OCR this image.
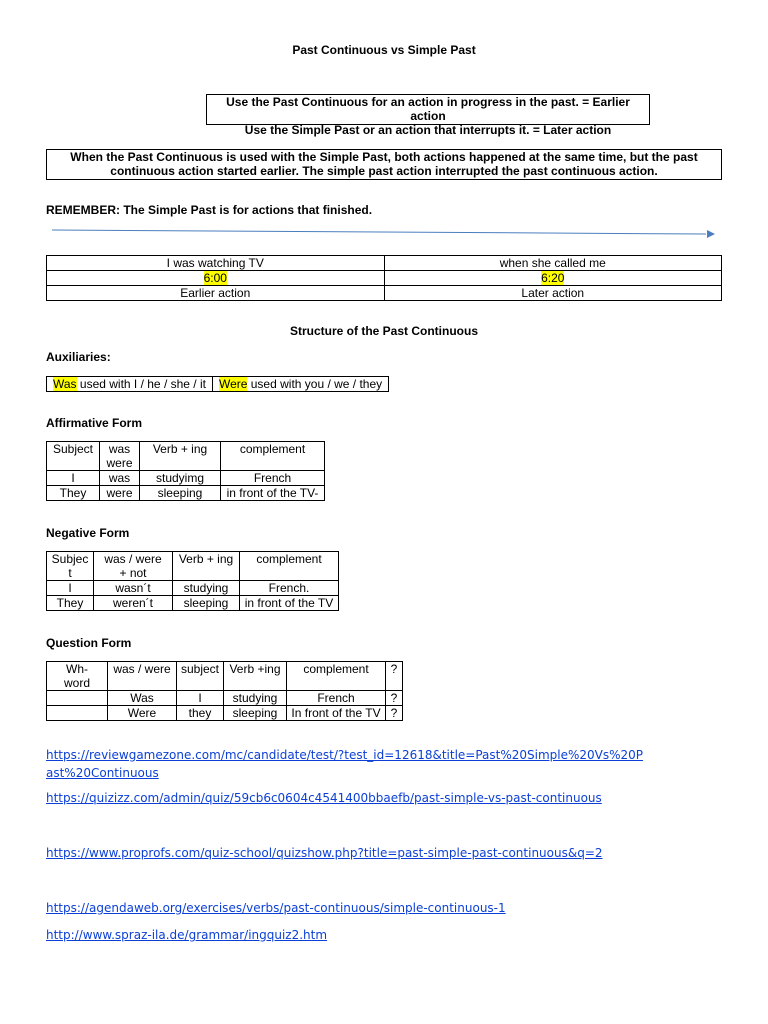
Past Continuous vs Simple Past
Use the Past Continuous for an action in progress in the past. = Earlier action
Use the Simple Past or an action that interrupts it. = Later action
When the Past Continuous is used with the Simple Past, both actions happened at the same time, but the past continuous action started earlier. The simple past action interrupted the past continuous action.
REMEMBER: The Simple Past is for actions that finished.
I was watching TV	when she called me
6:00	6:20
Earlier action	Later action
Structure of the Past Continuous
Auxiliaries:
Was used with I / he / she / it	Were used with you / we / they
Affirmative Form
Subject	was were	Verb + ing	complement
I	was	studyimg	French
They	were	sleeping	in front of the TV-
Negative Form
Subjec t	was / were + not	Verb + ing	complement
I	wasn´t	studying	French.
They	weren´t	sleeping	in front of the TV
Question Form
Wh-word	was / were	subject	Verb +ing	complement	?
	Was	I	studying	French	?
	Were	they	sleeping	In front of the TV	?
https://reviewgamezone.com/mc/candidate/test/?test_id=12618&title=Past%20Simple%20Vs%20Past%20Continuous
https://quizizz.com/admin/quiz/59cb6c0604c4541400bbaefb/past-simple-vs-past-continuous
https://www.proprofs.com/quiz-school/quizshow.php?title=past-simple-past-continuous&q=2
https://agendaweb.org/exercises/verbs/past-continuous/simple-continuous-1
http://www.spraz-ila.de/grammar/ingquiz2.htm
